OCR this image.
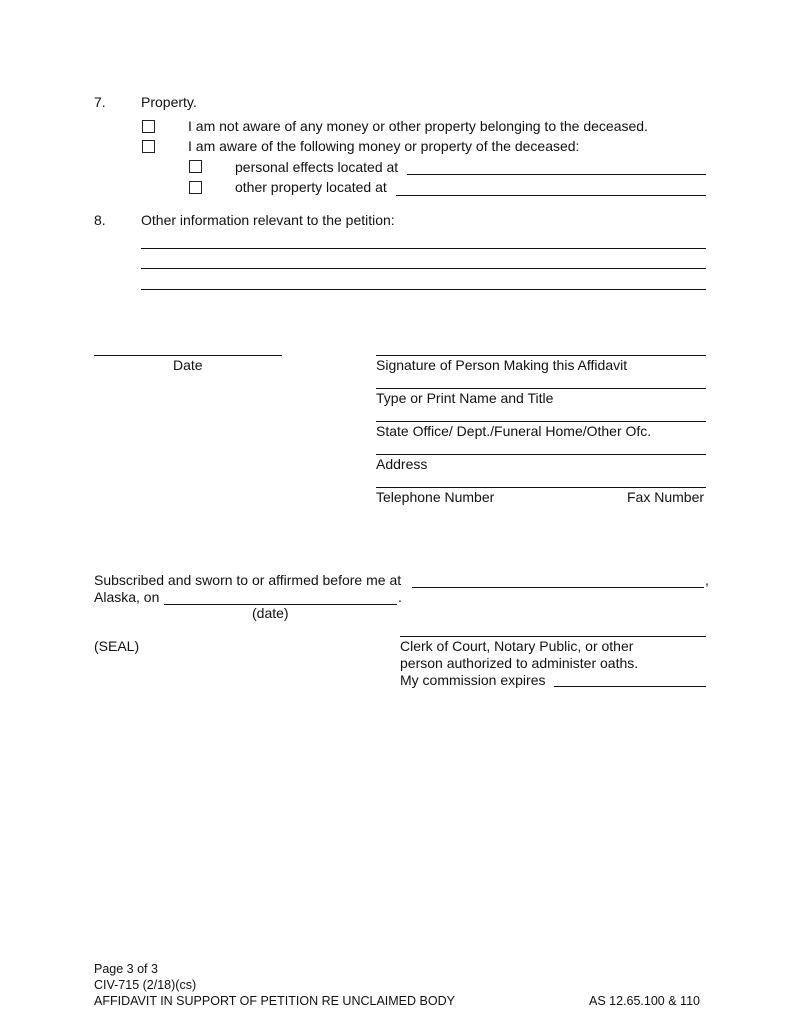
7.	Property.
I am not aware of any money or other property belonging to the deceased.
I am aware of the following money or property of the deceased:
personal effects located at
other property located at
8.	Other information relevant to the petition:
Date	Signature of Person Making this Affidavit
Type or Print Name and Title
State Office/ Dept./Funeral Home/Other Ofc.
Address
Telephone Number	Fax Number
Subscribed and sworn to or affirmed before me at	,
Alaska, on	.
(date)
(SEAL)	Clerk of Court, Notary Public, or other
person authorized to administer oaths.
My commission expires
Page 3 of 3
CIV-715 (2/18)(cs)
AFFIDAVIT IN SUPPORT OF PETITION RE UNCLAIMED BODY	AS 12.65.100 & 110
